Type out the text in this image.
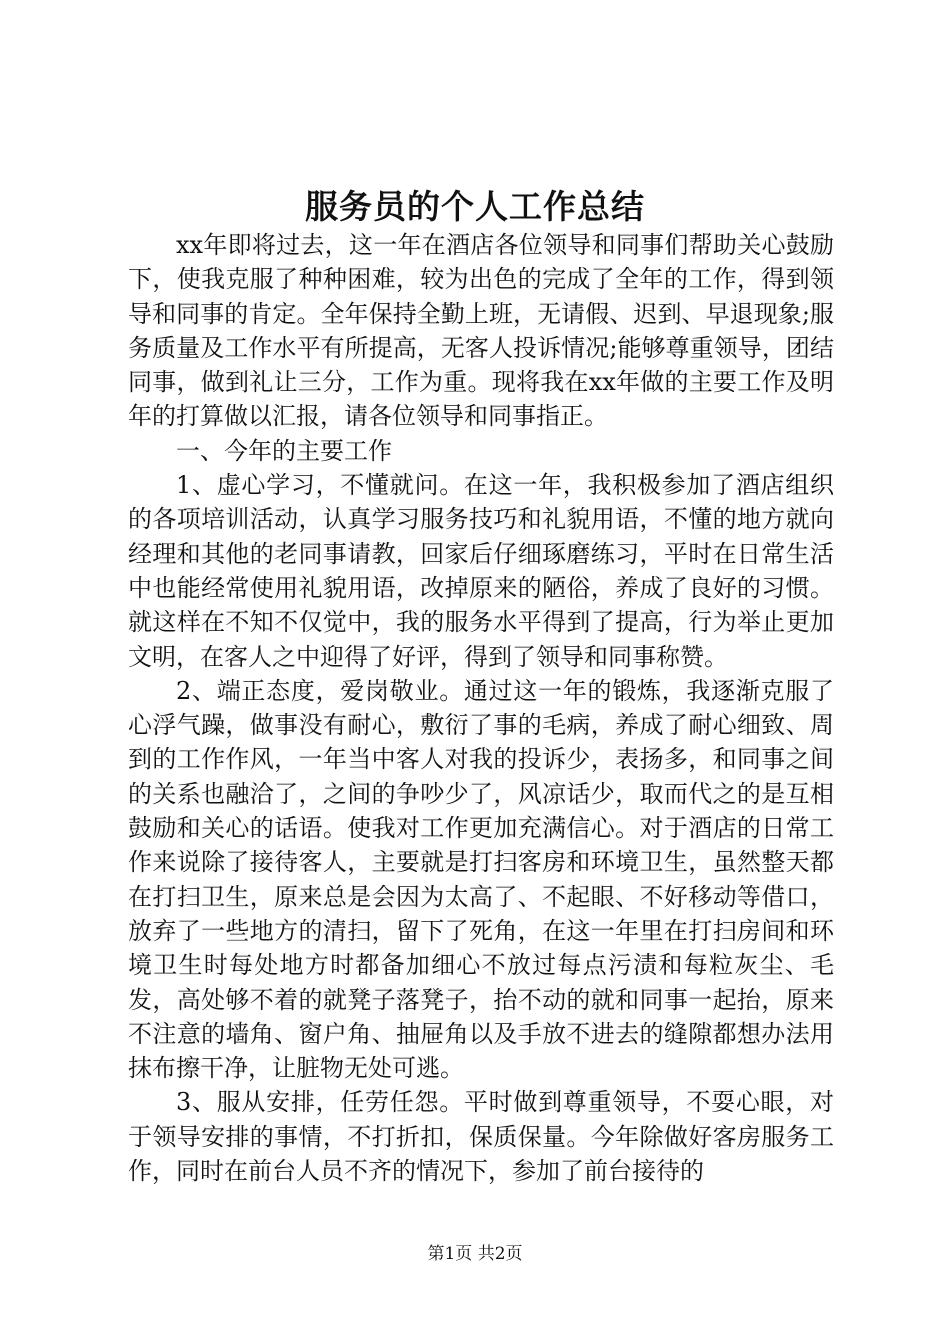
服务员的个人工作总结

xx年即将过去，这一年在酒店各位领导和同事们帮助关心鼓励下，使我克服了种种困难，较为出色的完成了全年的工作，得到领导和同事的肯定。全年保持全勤上班，无请假、迟到、早退现象;服务质量及工作水平有所提高，无客人投诉情况;能够尊重领导，团结同事，做到礼让三分，工作为重。现将我在xx年做的主要工作及明年的打算做以汇报，请各位领导和同事指正。

一、今年的主要工作

1、虚心学习，不懂就问。在这一年，我积极参加了酒店组织的各项培训活动，认真学习服务技巧和礼貌用语，不懂的地方就向经理和其他的老同事请教，回家后仔细琢磨练习，平时在日常生活中也能经常使用礼貌用语，改掉原来的陋俗，养成了良好的习惯。就这样在不知不仅觉中，我的服务水平得到了提高，行为举止更加文明，在客人之中迎得了好评，得到了领导和同事称赞。

2、端正态度，爱岗敬业。通过这一年的锻炼，我逐渐克服了心浮气躁，做事没有耐心，敷衍了事的毛病，养成了耐心细致、周到的工作作风，一年当中客人对我的投诉少，表扬多，和同事之间的关系也融洽了，之间的争吵少了，风凉话少，取而代之的是互相鼓励和关心的话语。使我对工作更加充满信心。对于酒店的日常工作来说除了接待客人，主要就是打扫客房和环境卫生，虽然整天都在打扫卫生，原来总是会因为太高了、不起眼、不好移动等借口，放弃了一些地方的清扫，留下了死角，在这一年里在打扫房间和环境卫生时每处地方时都备加细心不放过每点污渍和每粒灰尘、毛发，高处够不着的就凳子落凳子，抬不动的就和同事一起抬，原来不注意的墙角、窗户角、抽屉角以及手放不进去的缝隙都想办法用抹布擦干净，让脏物无处可逃。

3、服从安排，任劳任怨。平时做到尊重领导，不耍心眼，对于领导安排的事情，不打折扣，保质保量。今年除做好客房服务工作，同时在前台人员不齐的情况下，参加了前台接待的

第1页 共2页
